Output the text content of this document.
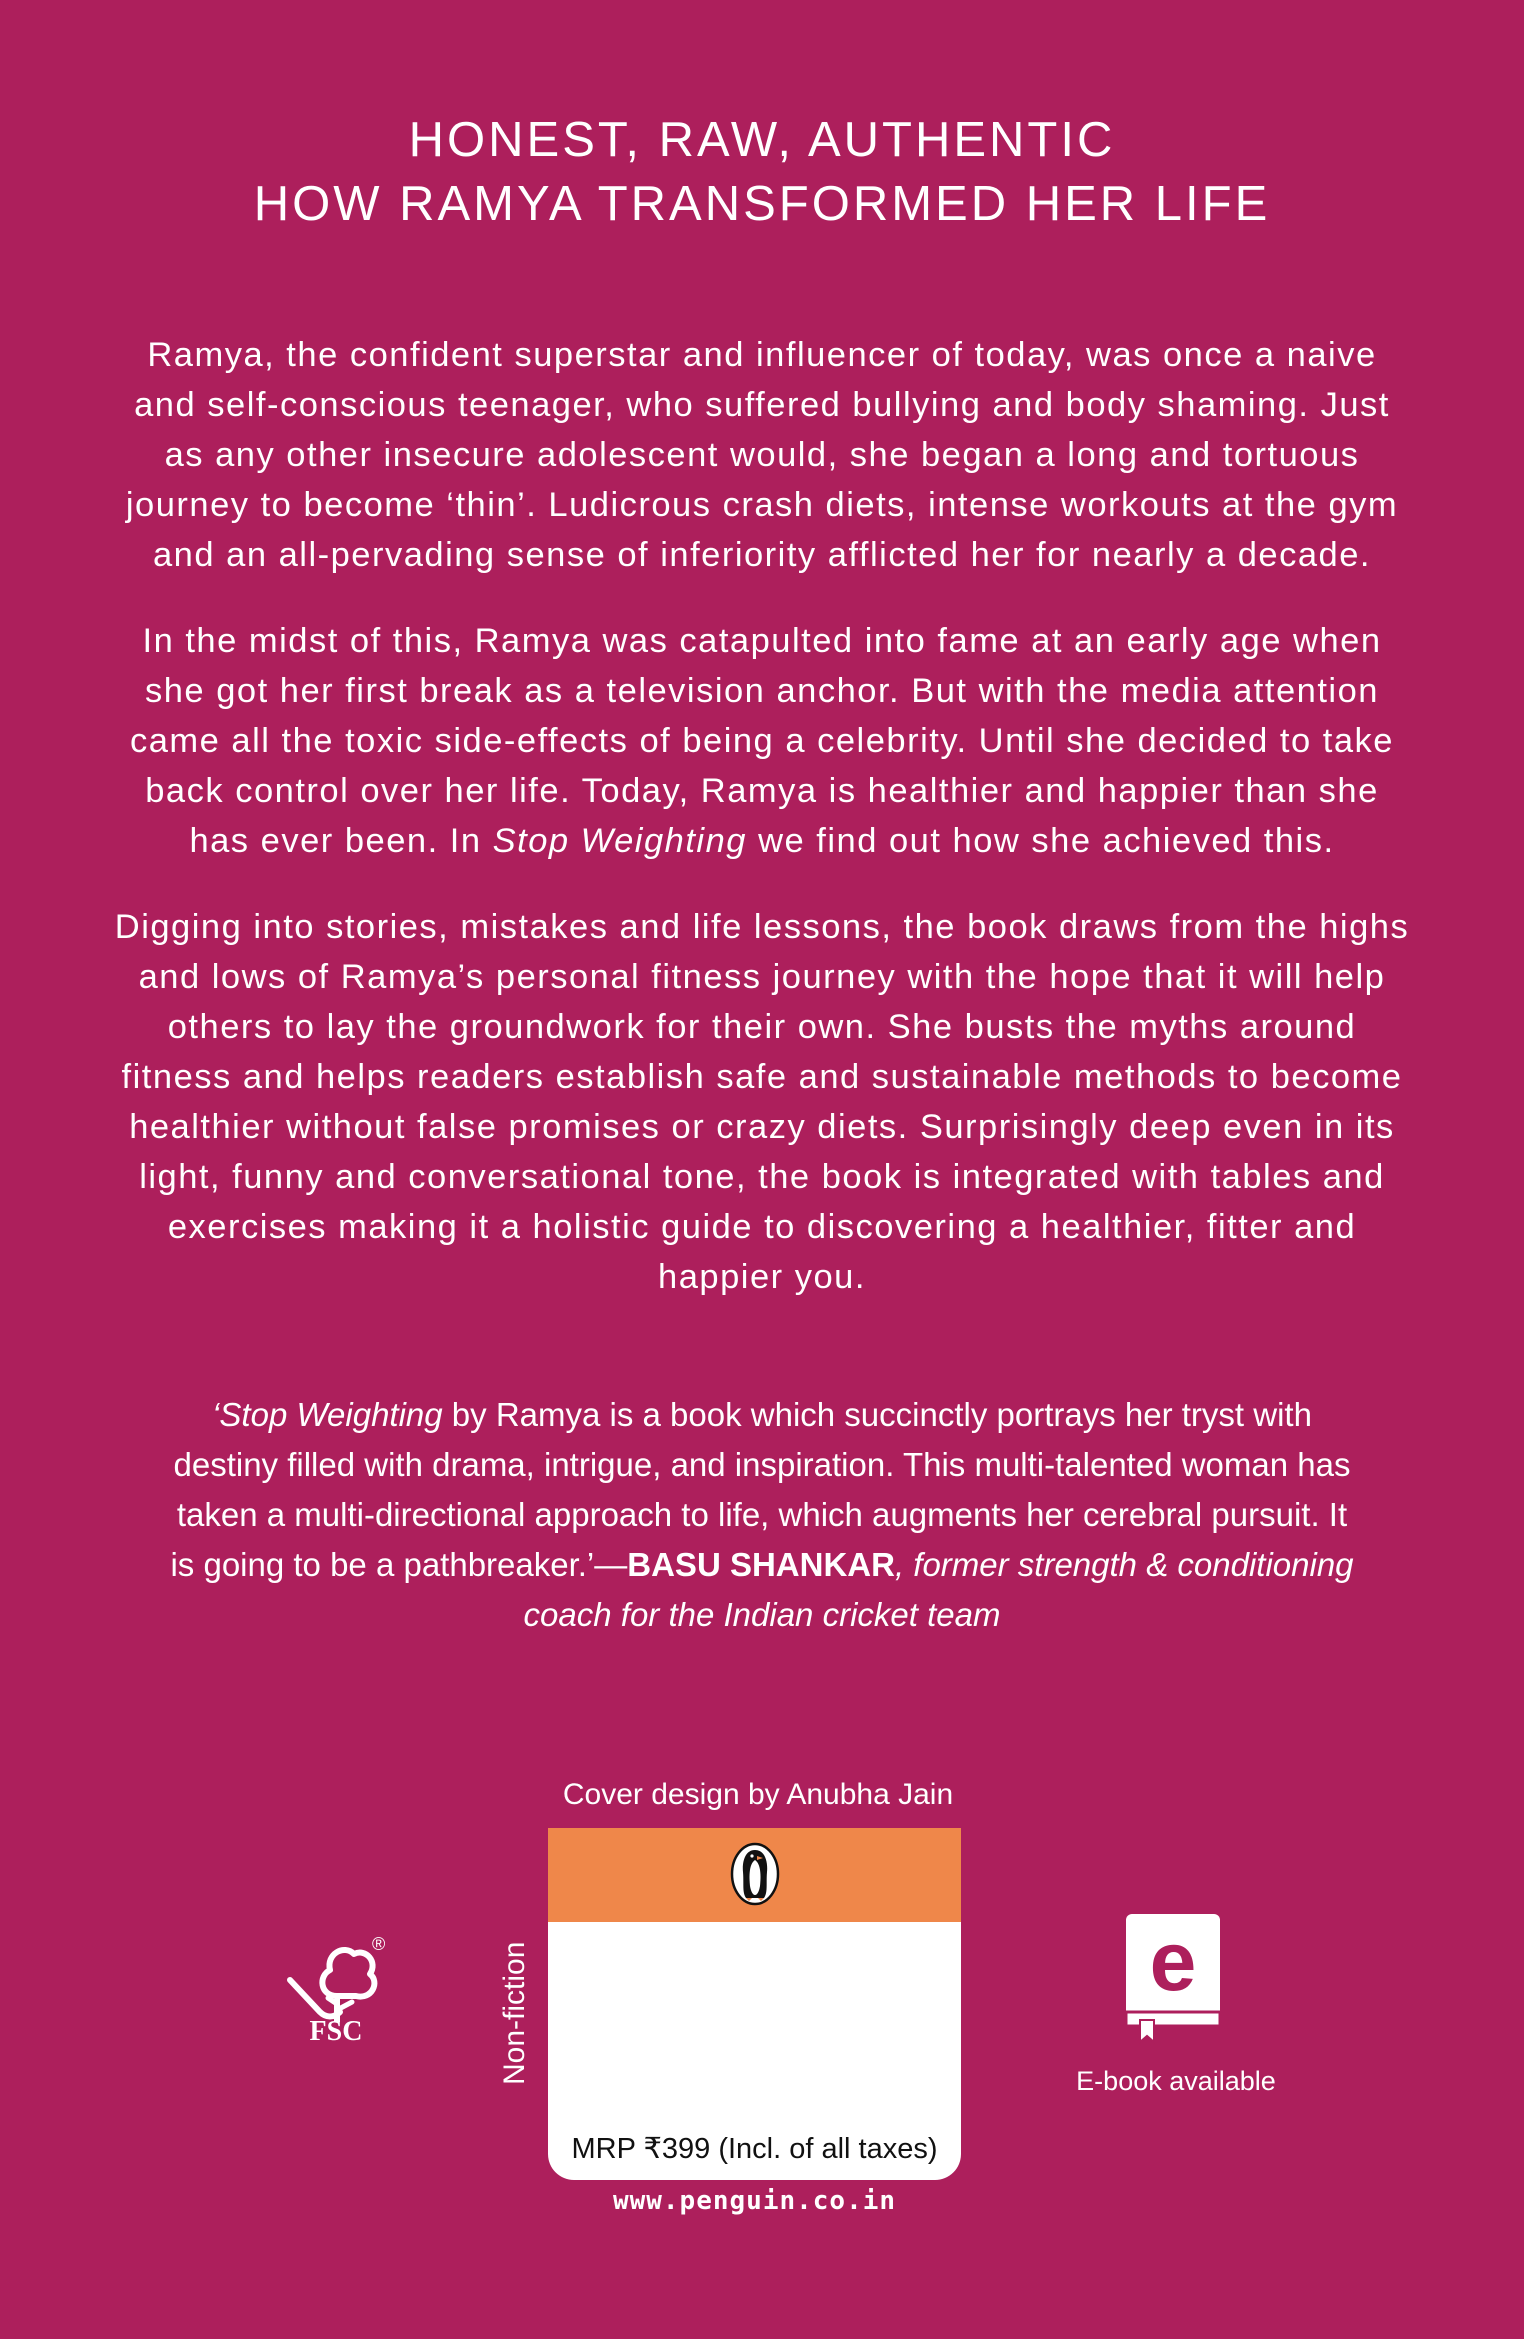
HONEST, RAW, AUTHENTIC
HOW RAMYA TRANSFORMED HER LIFE

Ramya, the confident superstar and influencer of today, was once a naive and self-conscious teenager, who suffered bullying and body shaming. Just as any other insecure adolescent would, she began a long and tortuous journey to become ‘thin’. Ludicrous crash diets, intense workouts at the gym and an all-pervading sense of inferiority afflicted her for nearly a decade.

In the midst of this, Ramya was catapulted into fame at an early age when she got her first break as a television anchor. But with the media attention came all the toxic side-effects of being a celebrity. Until she decided to take back control over her life. Today, Ramya is healthier and happier than she has ever been. In Stop Weighting we find out how she achieved this.

Digging into stories, mistakes and life lessons, the book draws from the highs and lows of Ramya’s personal fitness journey with the hope that it will help others to lay the groundwork for their own. She busts the myths around fitness and helps readers establish safe and sustainable methods to become healthier without false promises or crazy diets. Surprisingly deep even in its light, funny and conversational tone, the book is integrated with tables and exercises making it a holistic guide to discovering a healthier, fitter and happier you.

‘Stop Weighting by Ramya is a book which succinctly portrays her tryst with destiny filled with drama, intrigue, and inspiration. This multi-talented woman has taken a multi-directional approach to life, which augments her cerebral pursuit. It is going to be a pathbreaker.’—BASU SHANKAR, former strength & conditioning coach for the Indian cricket team
Cover design by Anubha Jain
Non-fiction
MRP ₹399 (Incl. of all taxes)
www.penguin.co.in
®
FSC
e
E-book available
